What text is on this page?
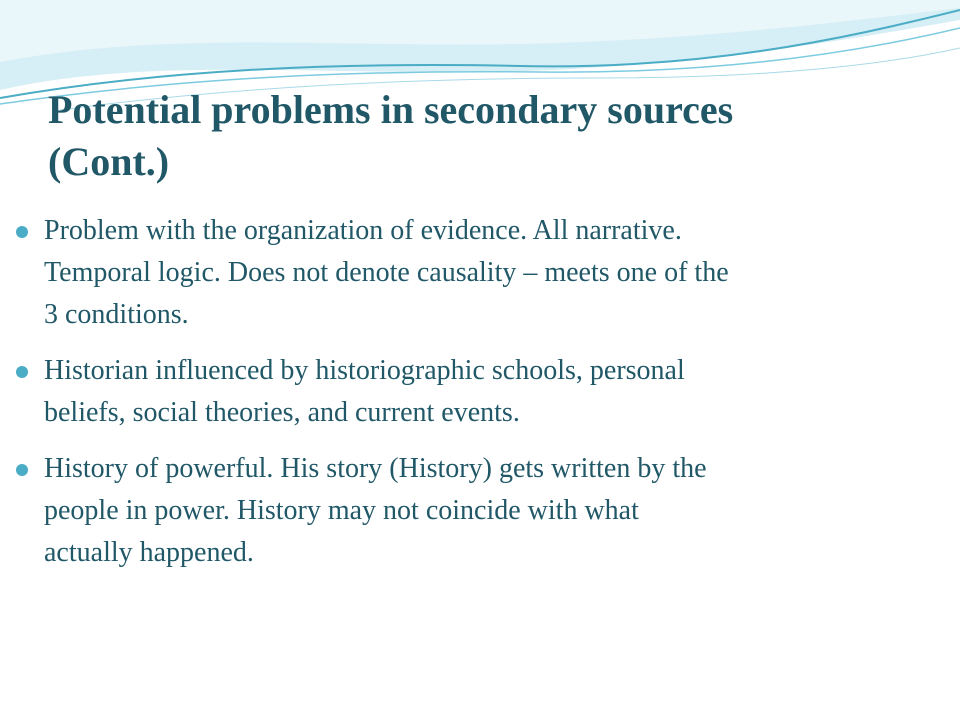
Potential problems in secondary sources
(Cont.)
Problem with the organization of evidence. All narrative.
Temporal logic. Does not denote causality – meets one of the
3 conditions.
Historian influenced by historiographic schools, personal
beliefs, social theories, and current events.
History of powerful. His story (History) gets written by the
people in power. History may not coincide with what
actually happened.
